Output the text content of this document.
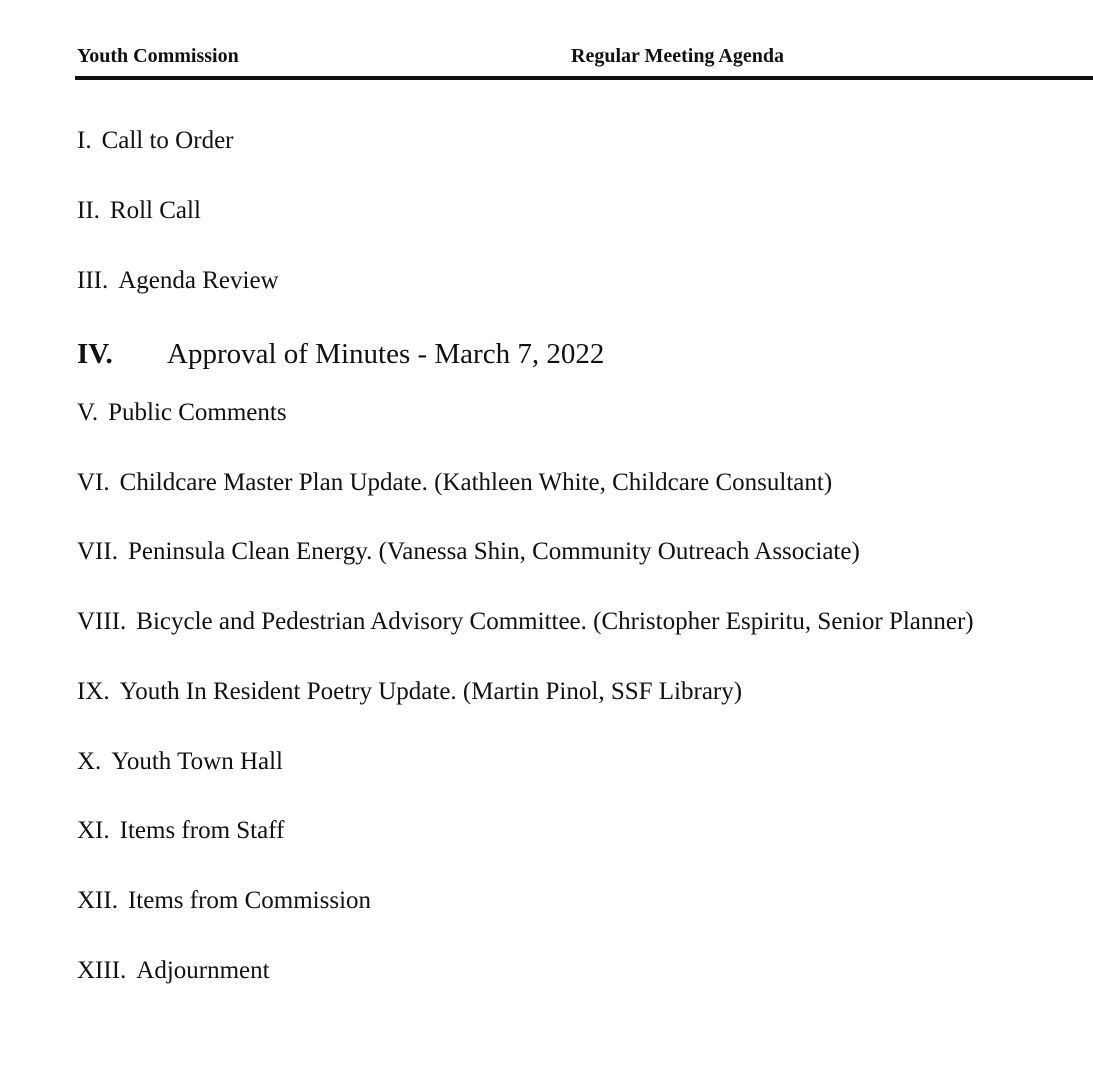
Youth Commission	Regular Meeting Agenda
I. Call to Order
II. Roll Call
III. Agenda Review
IV. Approval of Minutes - March 7, 2022
V. Public Comments
VI. Childcare Master Plan Update. (Kathleen White, Childcare Consultant)
VII. Peninsula Clean Energy. (Vanessa Shin, Community Outreach Associate)
VIII. Bicycle and Pedestrian Advisory Committee. (Christopher Espiritu, Senior Planner)
IX. Youth In Resident Poetry Update. (Martin Pinol, SSF Library)
X. Youth Town Hall
XI. Items from Staff
XII. Items from Commission
XIII. Adjournment
